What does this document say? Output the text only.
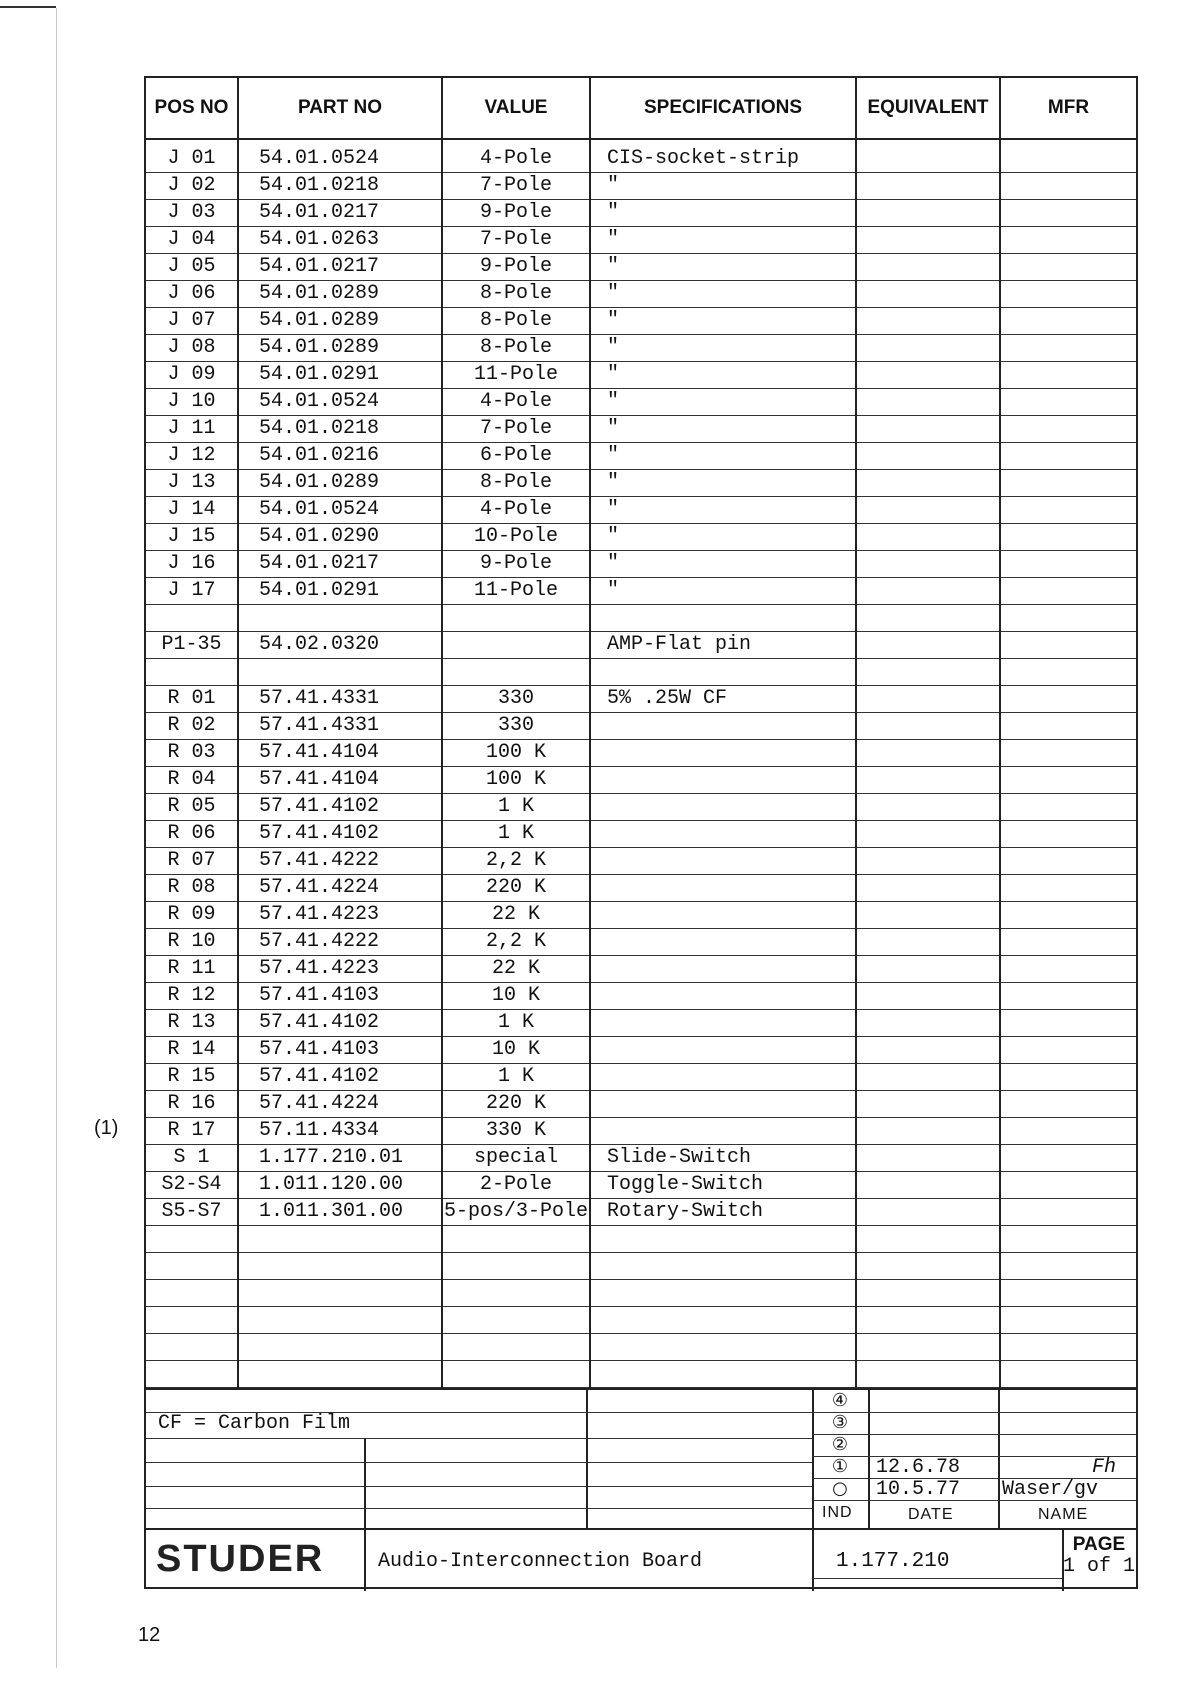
(1)
POS NO	PART NO	VALUE	SPECIFICATIONS	EQUIVALENT	MFR
J 01	54.01.0524	4-Pole	CIS-socket-strip		
J 02	54.01.0218	7-Pole	"		
J 03	54.01.0217	9-Pole	"		
J 04	54.01.0263	7-Pole	"		
J 05	54.01.0217	9-Pole	"		
J 06	54.01.0289	8-Pole	"		
J 07	54.01.0289	8-Pole	"		
J 08	54.01.0289	8-Pole	"		
J 09	54.01.0291	11-Pole	"		
J 10	54.01.0524	4-Pole	"		
J 11	54.01.0218	7-Pole	"		
J 12	54.01.0216	6-Pole	"		
J 13	54.01.0289	8-Pole	"		
J 14	54.01.0524	4-Pole	"		
J 15	54.01.0290	10-Pole	"		
J 16	54.01.0217	9-Pole	"		
J 17	54.01.0291	11-Pole	"		

P1-35	54.02.0320		AMP-Flat pin		

R 01	57.41.4331	330	5% .25W CF		
R 02	57.41.4331	330			
R 03	57.41.4104	100 K			
R 04	57.41.4104	100 K			
R 05	57.41.4102	1 K			
R 06	57.41.4102	1 K			
R 07	57.41.4222	2,2 K			
R 08	57.41.4224	220 K			
R 09	57.41.4223	22 K			
R 10	57.41.4222	2,2 K			
R 11	57.41.4223	22 K			
R 12	57.41.4103	10 K			
R 13	57.41.4102	1 K			
R 14	57.41.4103	10 K			
R 15	57.41.4102	1 K			
R 16	57.41.4224	220 K			
R 17	57.11.4334	330 K			
S 1	1.177.210.01	special	Slide-Switch		
S2-S4	1.011.120.00	2-Pole	Toggle-Switch		
S5-S7	1.011.301.00	5-pos/3-Pole	Rotary-Switch		

CF = Carbon Film
④
③
②
①	12.6.78	Fh
○	10.5.77	Waser/gv
IND	DATE	NAME
STUDER	Audio-Interconnection Board	1.177.210
PAGE
1 of 1
12
